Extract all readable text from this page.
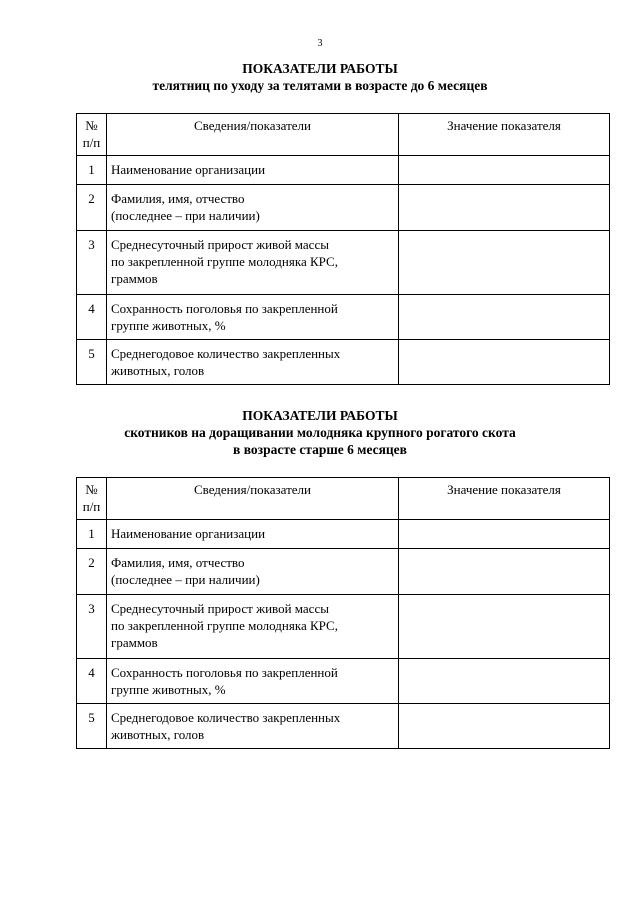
3
ПОКАЗАТЕЛИ РАБОТЫ
телятниц по уходу за телятами в возрасте до 6 месяцев
№
п/п	Сведения/показатели	Значение показателя
1	Наименование организации	

2	Фамилия, имя, отчество
(последнее – при наличии)	

3	Среднесуточный прирост живой массы
по закрепленной группе молодняка КРС,
граммов	

4	Сохранность поголовья по закрепленной
группе животных, %	

5	Среднегодовое количество закрепленных
животных, голов	

ПОКАЗАТЕЛИ РАБОТЫ
скотников на доращивании молодняка крупного рогатого скота
в возрасте старше 6 месяцев
№
п/п	Сведения/показатели	Значение показателя
1	Наименование организации	

2	Фамилия, имя, отчество
(последнее – при наличии)	

3	Среднесуточный прирост живой массы
по закрепленной группе молодняка КРС,
граммов	

4	Сохранность поголовья по закрепленной
группе животных, %	

5	Среднегодовое количество закрепленных
животных, голов	
